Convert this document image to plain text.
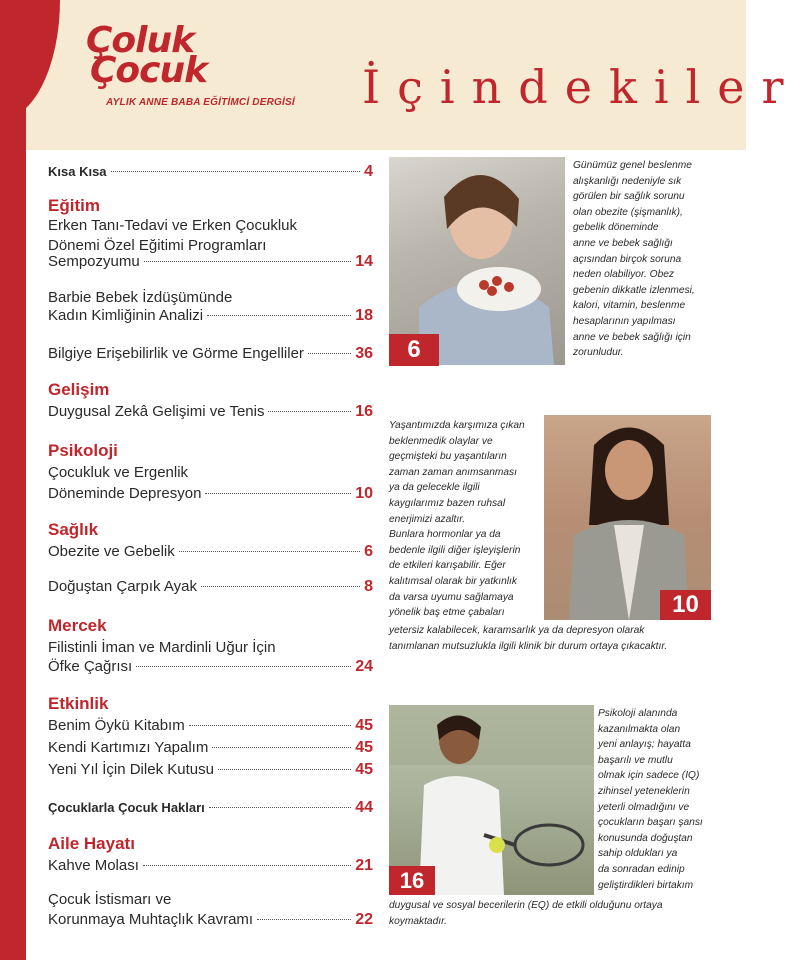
Çoluk
Çocuk
AYLIK ANNE BABA EĞİTİMCİ DERGİSİ İçindekiler
Kısa Kısa	4
Eğitim
Erken Tanı-Tedavi ve Erken Çocukluk
Dönemi Özel Eğitimi Programları
Sempozyumu	14
Barbie Bebek İzdüşümünde
Kadın Kimliğinin Analizi	18
Bilgiye Erişebilirlik ve Görme Engelliler	36
Gelişim
Duygusal Zekâ Gelişimi ve Tenis	16
Psikoloji
Çocukluk ve Ergenlik
Döneminde Depresyon	10
Sağlık
Obezite ve Gebelik	6
Doğuştan Çarpık Ayak	8
Mercek
Filistinli İman ve Mardinli Uğur İçin
Öfke Çağrısı	24
Etkinlik
Benim Öykü Kitabım	45
Kendi Kartımızı Yapalım	45
Yeni Yıl İçin Dilek Kutusu	45
Çocuklarla Çocuk Hakları	44
Aile Hayatı
Kahve Molası	21
Çocuk İstismarı ve
Korunmaya Muhtaçlık Kavramı	22
6
Günümüz genel beslenme
alışkanlığı nedeniyle sık
görülen bir sağlık sorunu
olan obezite (şişmanlık),
gebelik döneminde
anne ve bebek sağlığı
açısından birçok soruna
neden olabiliyor. Obez
gebenin dikkatle izlenmesi,
kalori, vitamin, beslenme
hesaplarının yapılması
anne ve bebek sağlığı için
zorunludur.
Yaşantımızda karşımıza çıkan
beklenmedik olaylar ve
geçmişteki bu yaşantıların
zaman zaman anımsanması
ya da gelecekle ilgili
kaygılarımız bazen ruhsal
enerjimizi azaltır.
Bunlara hormonlar ya da
bedenle ilgili diğer işleyişlerin
de etkileri karışabilir. Eğer
kalıtımsal olarak bir yatkınlık
da varsa uyumu sağlamaya
yönelik baş etme çabaları	10
yetersiz kalabilecek, karamsarlık ya da depresyon olarak
tanımlanan mutsuzlukla ilgili klinik bir durum ortaya çıkacaktır.
16
Psikoloji alanında
kazanılmakta olan
yeni anlayış; hayatta
başarılı ve mutlu
olmak için sadece (IQ)
zihinsel yeteneklerin
yeterli olmadığını ve
çocukların başarı şansı
konusunda doğuştan
sahip oldukları ya
da sonradan edinip
geliştirdikleri birtakım
duygusal ve sosyal becerilerin (EQ) de etkili olduğunu ortaya
koymaktadır.
